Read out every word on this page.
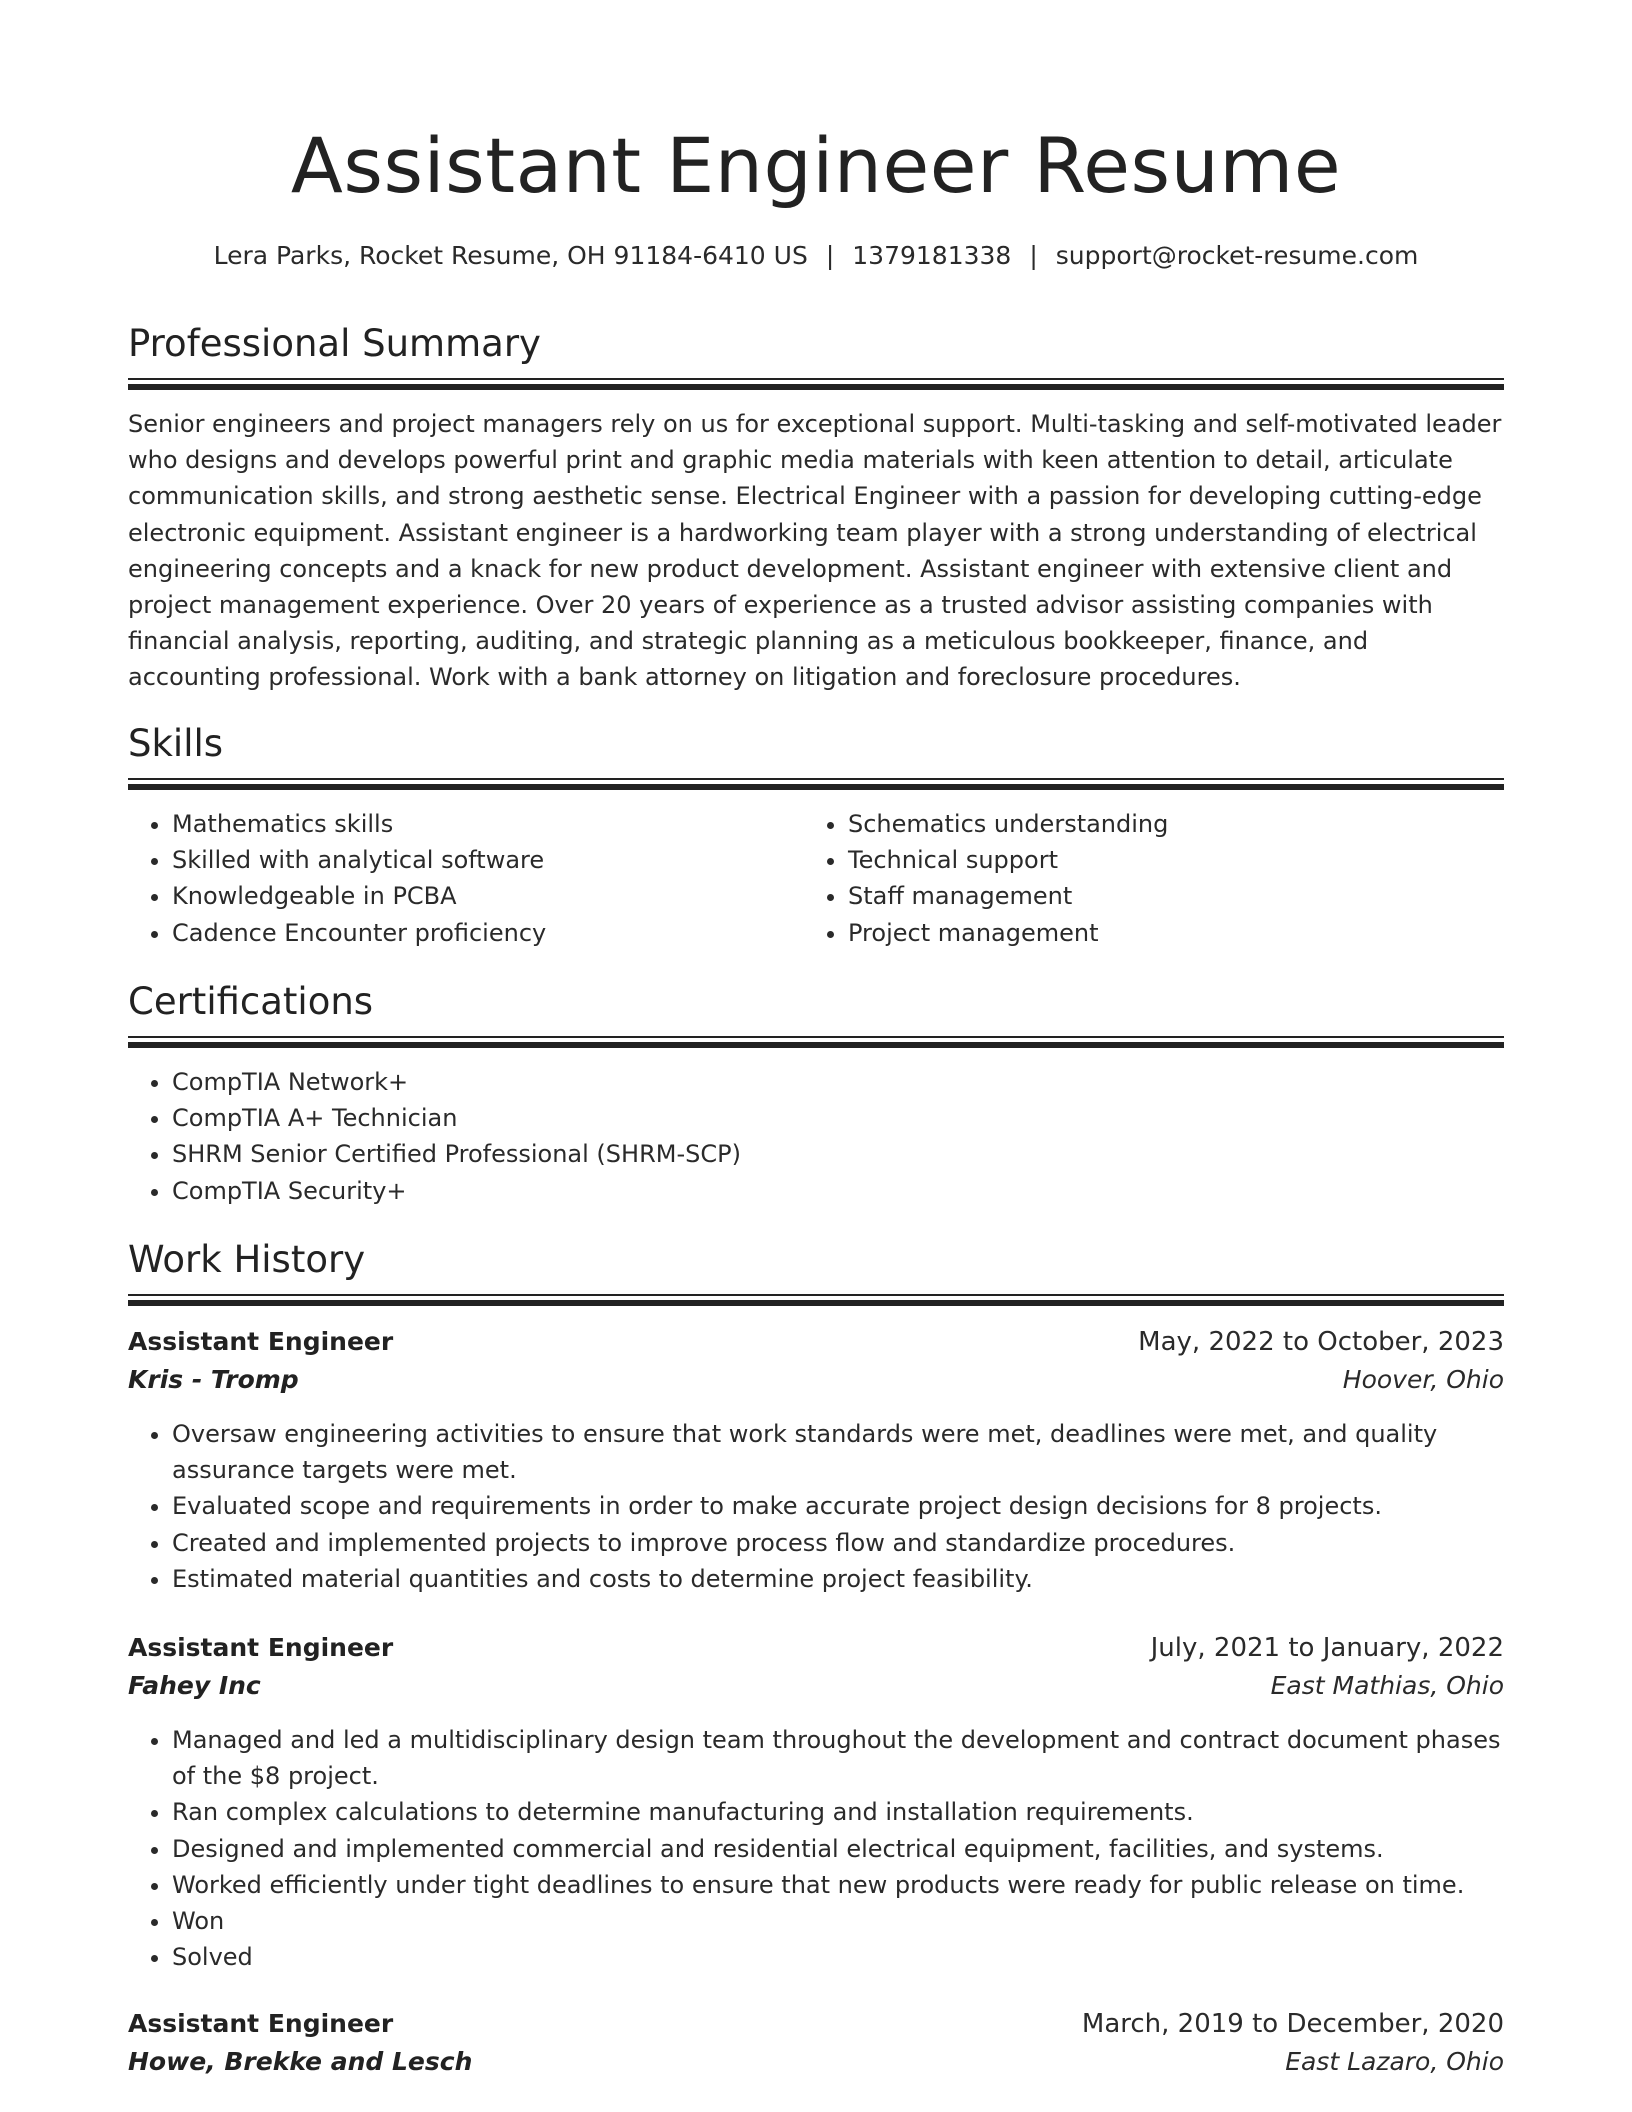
Assistant Engineer Resume
Lera Parks, Rocket Resume, OH 91184-6410 US | 1379181338 | support@rocket-resume.com
Professional Summary

Senior engineers and project managers rely on us for exceptional support. Multi-tasking and self-motivated leader who designs and develops powerful print and graphic media materials with keen attention to detail, articulate communication skills, and strong aesthetic sense. Electrical Engineer with a passion for developing cutting-edge electronic equipment. Assistant engineer is a hardworking team player with a strong understanding of electrical engineering concepts and a knack for new product development. Assistant engineer with extensive client and project management experience. Over 20 years of experience as a trusted advisor assisting companies with financial analysis, reporting, auditing, and strategic planning as a meticulous bookkeeper, finance, and accounting professional. Work with a bank attorney on litigation and foreclosure procedures.

Skills
• Mathematics skills
• Skilled with analytical software
• Knowledgeable in PCBA
• Cadence Encounter proficiency
• Schematics understanding
• Technical support
• Staff management
• Project management
Certifications
• CompTIA Network+
• CompTIA A+ Technician
• SHRM Senior Certified Professional (SHRM-SCP)
• CompTIA Security+
Work History
Assistant Engineer	May, 2022 to October, 2023
Kris - Tromp	Hoover, Ohio
• Oversaw engineering activities to ensure that work standards were met, deadlines were met, and quality assurance targets were met.
• Evaluated scope and requirements in order to make accurate project design decisions for 8 projects.
• Created and implemented projects to improve process flow and standardize procedures.
• Estimated material quantities and costs to determine project feasibility.
Assistant Engineer	July, 2021 to January, 2022
Fahey Inc	East Mathias, Ohio
• Managed and led a multidisciplinary design team throughout the development and contract document phases of the $8 project.
• Ran complex calculations to determine manufacturing and installation requirements.
• Designed and implemented commercial and residential electrical equipment, facilities, and systems.
• Worked efficiently under tight deadlines to ensure that new products were ready for public release on time.
• Won
• Solved
Assistant Engineer	March, 2019 to December, 2020
Howe, Brekke and Lesch	East Lazaro, Ohio
